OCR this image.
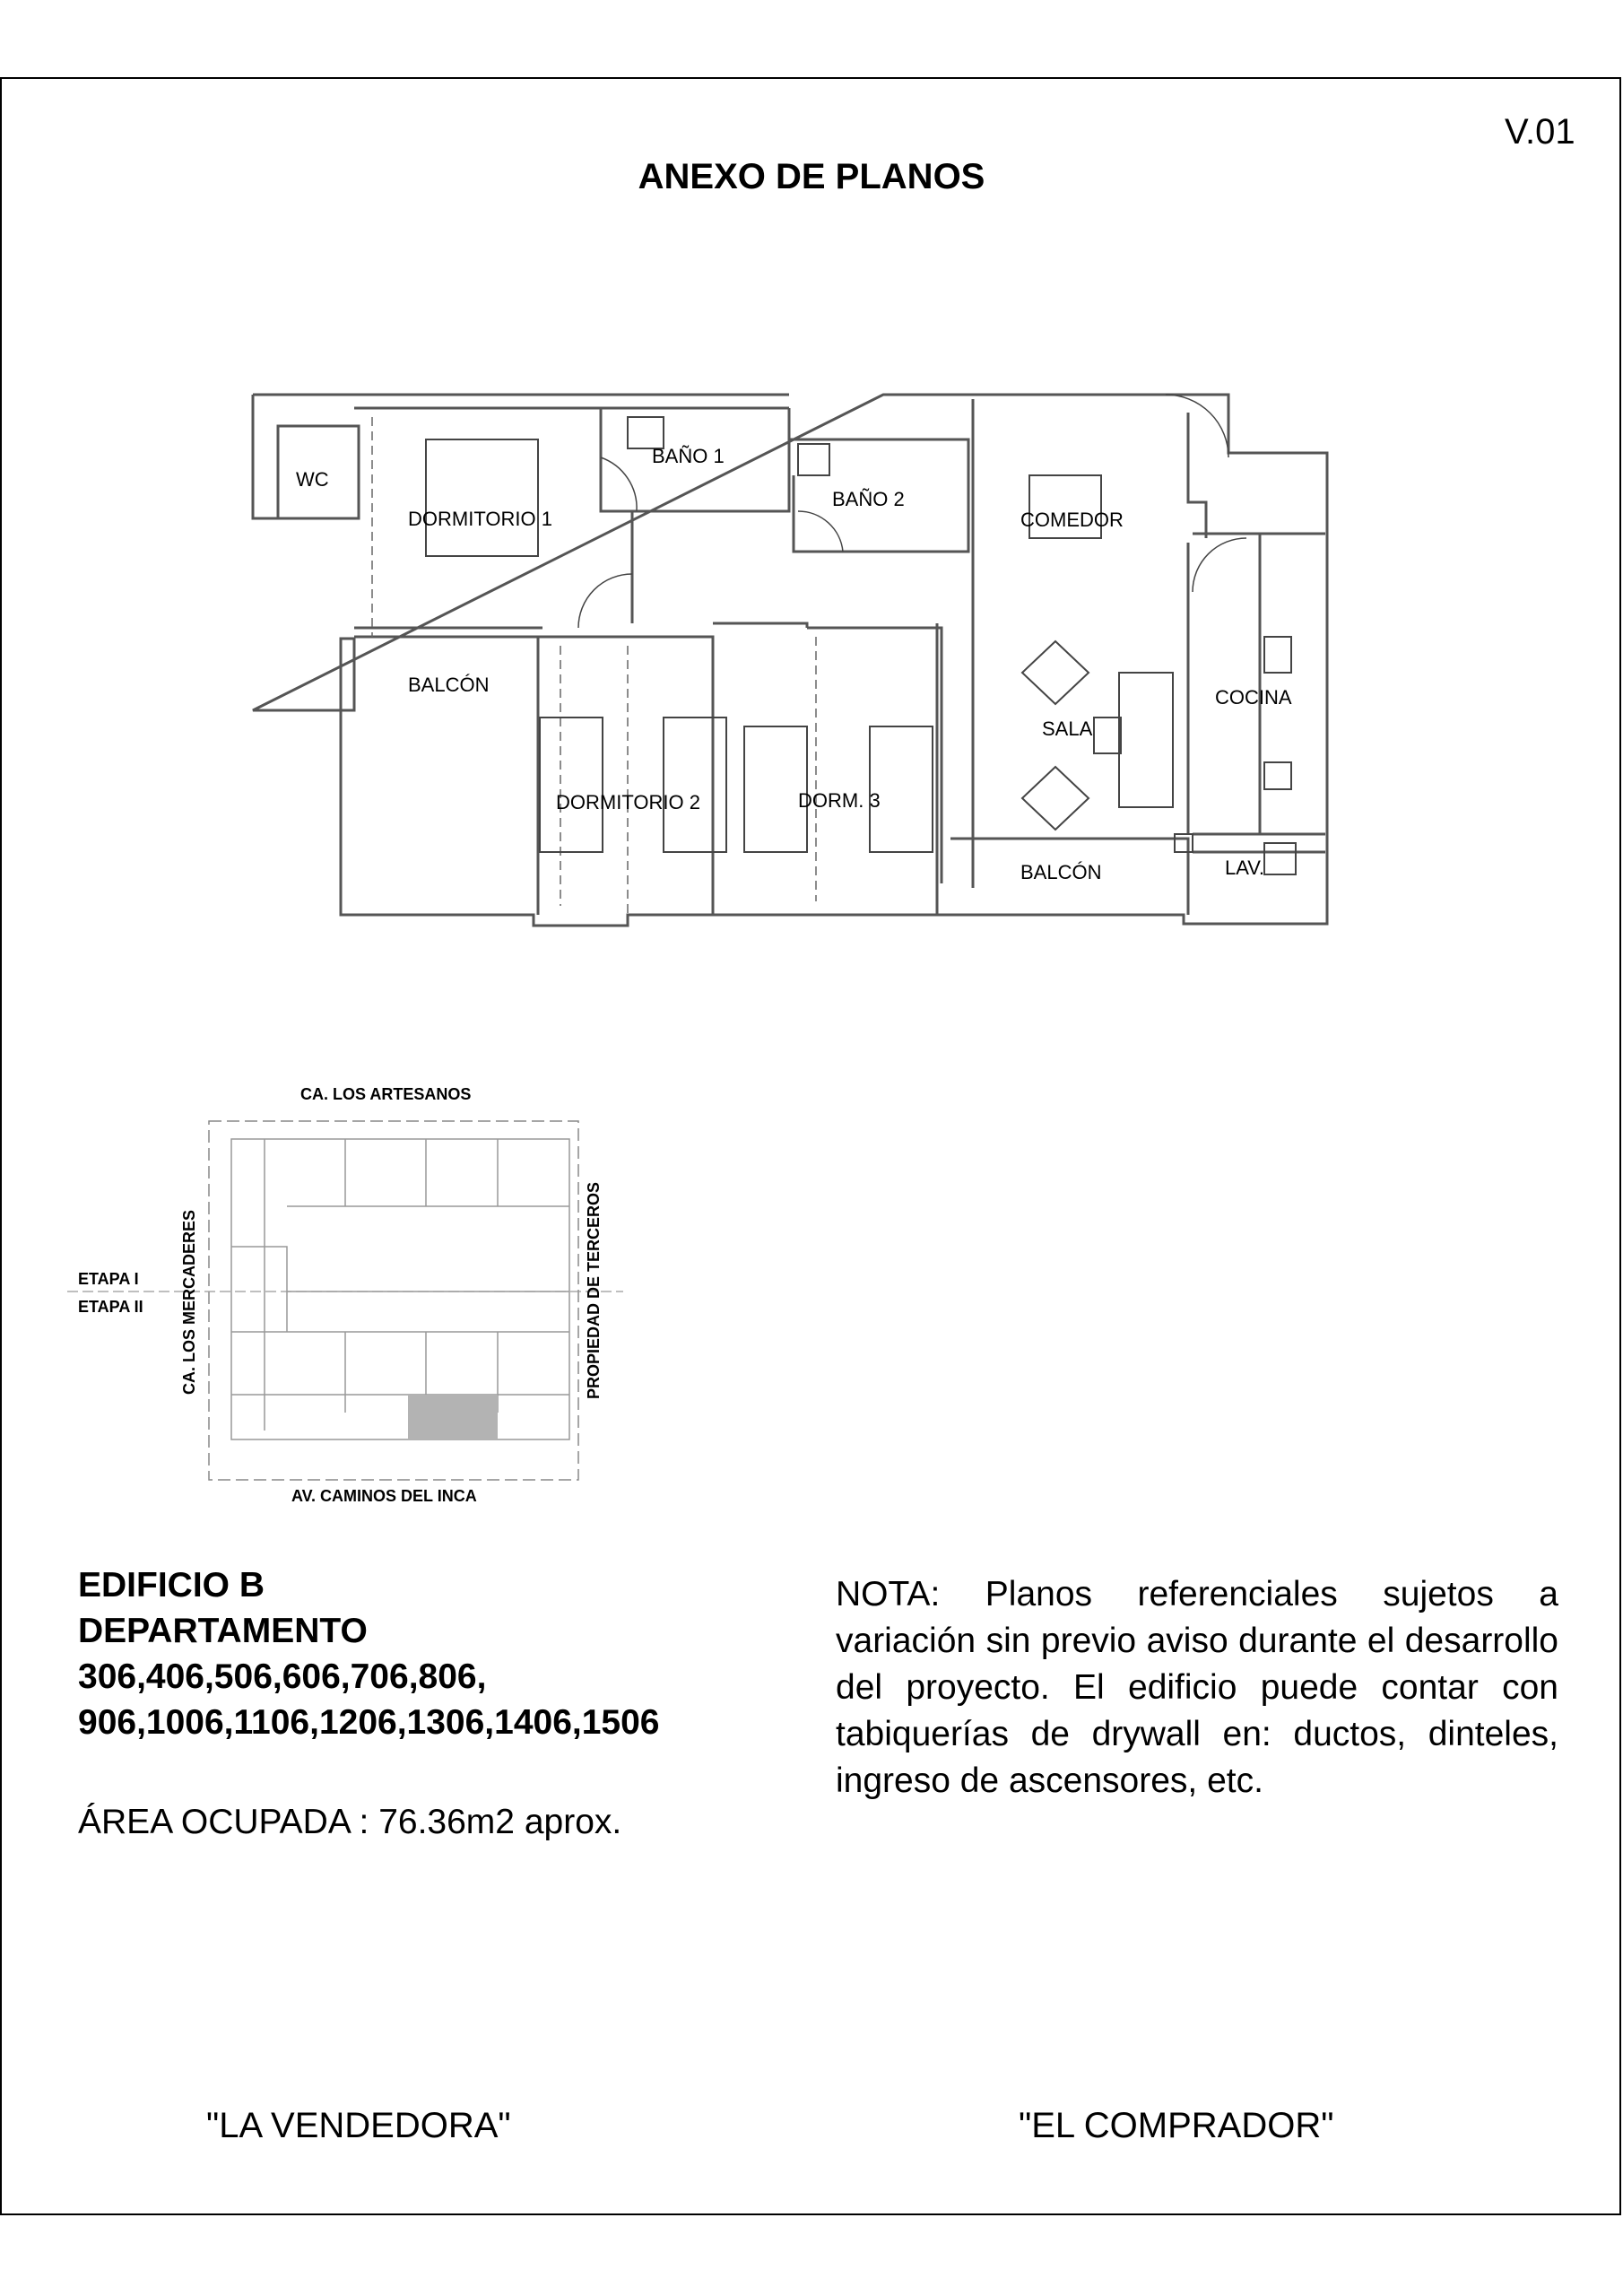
V.01
ANEXO DE PLANOS
WC
DORMITORIO 1
BAÑO 1
BAÑO 2
COMEDOR
BALCÓN
COCINA
SALA
DORMITORIO 2	DORM. 3
BALCÓN	LAV.
CA. LOS ARTESANOS
AV. CAMINOS DEL INCA
CA. LOS MERCADERES	PROPIEDAD DE TERCEROS
ETAPA I
ETAPA II
EDIFICIO B
DEPARTAMENTO
306,406,506,606,706,806,
906,1006,1106,1206,1306,1406,1506
ÁREA OCUPADA : 76.36m2 aprox.
NOTA: Planos referenciales sujetos a variación sin previo aviso durante el desarrollo del proyecto. El edificio puede contar con tabiquerías de drywall en: ductos, dinteles, ingreso de ascensores, etc.
"LA VENDEDORA"	"EL COMPRADOR"
